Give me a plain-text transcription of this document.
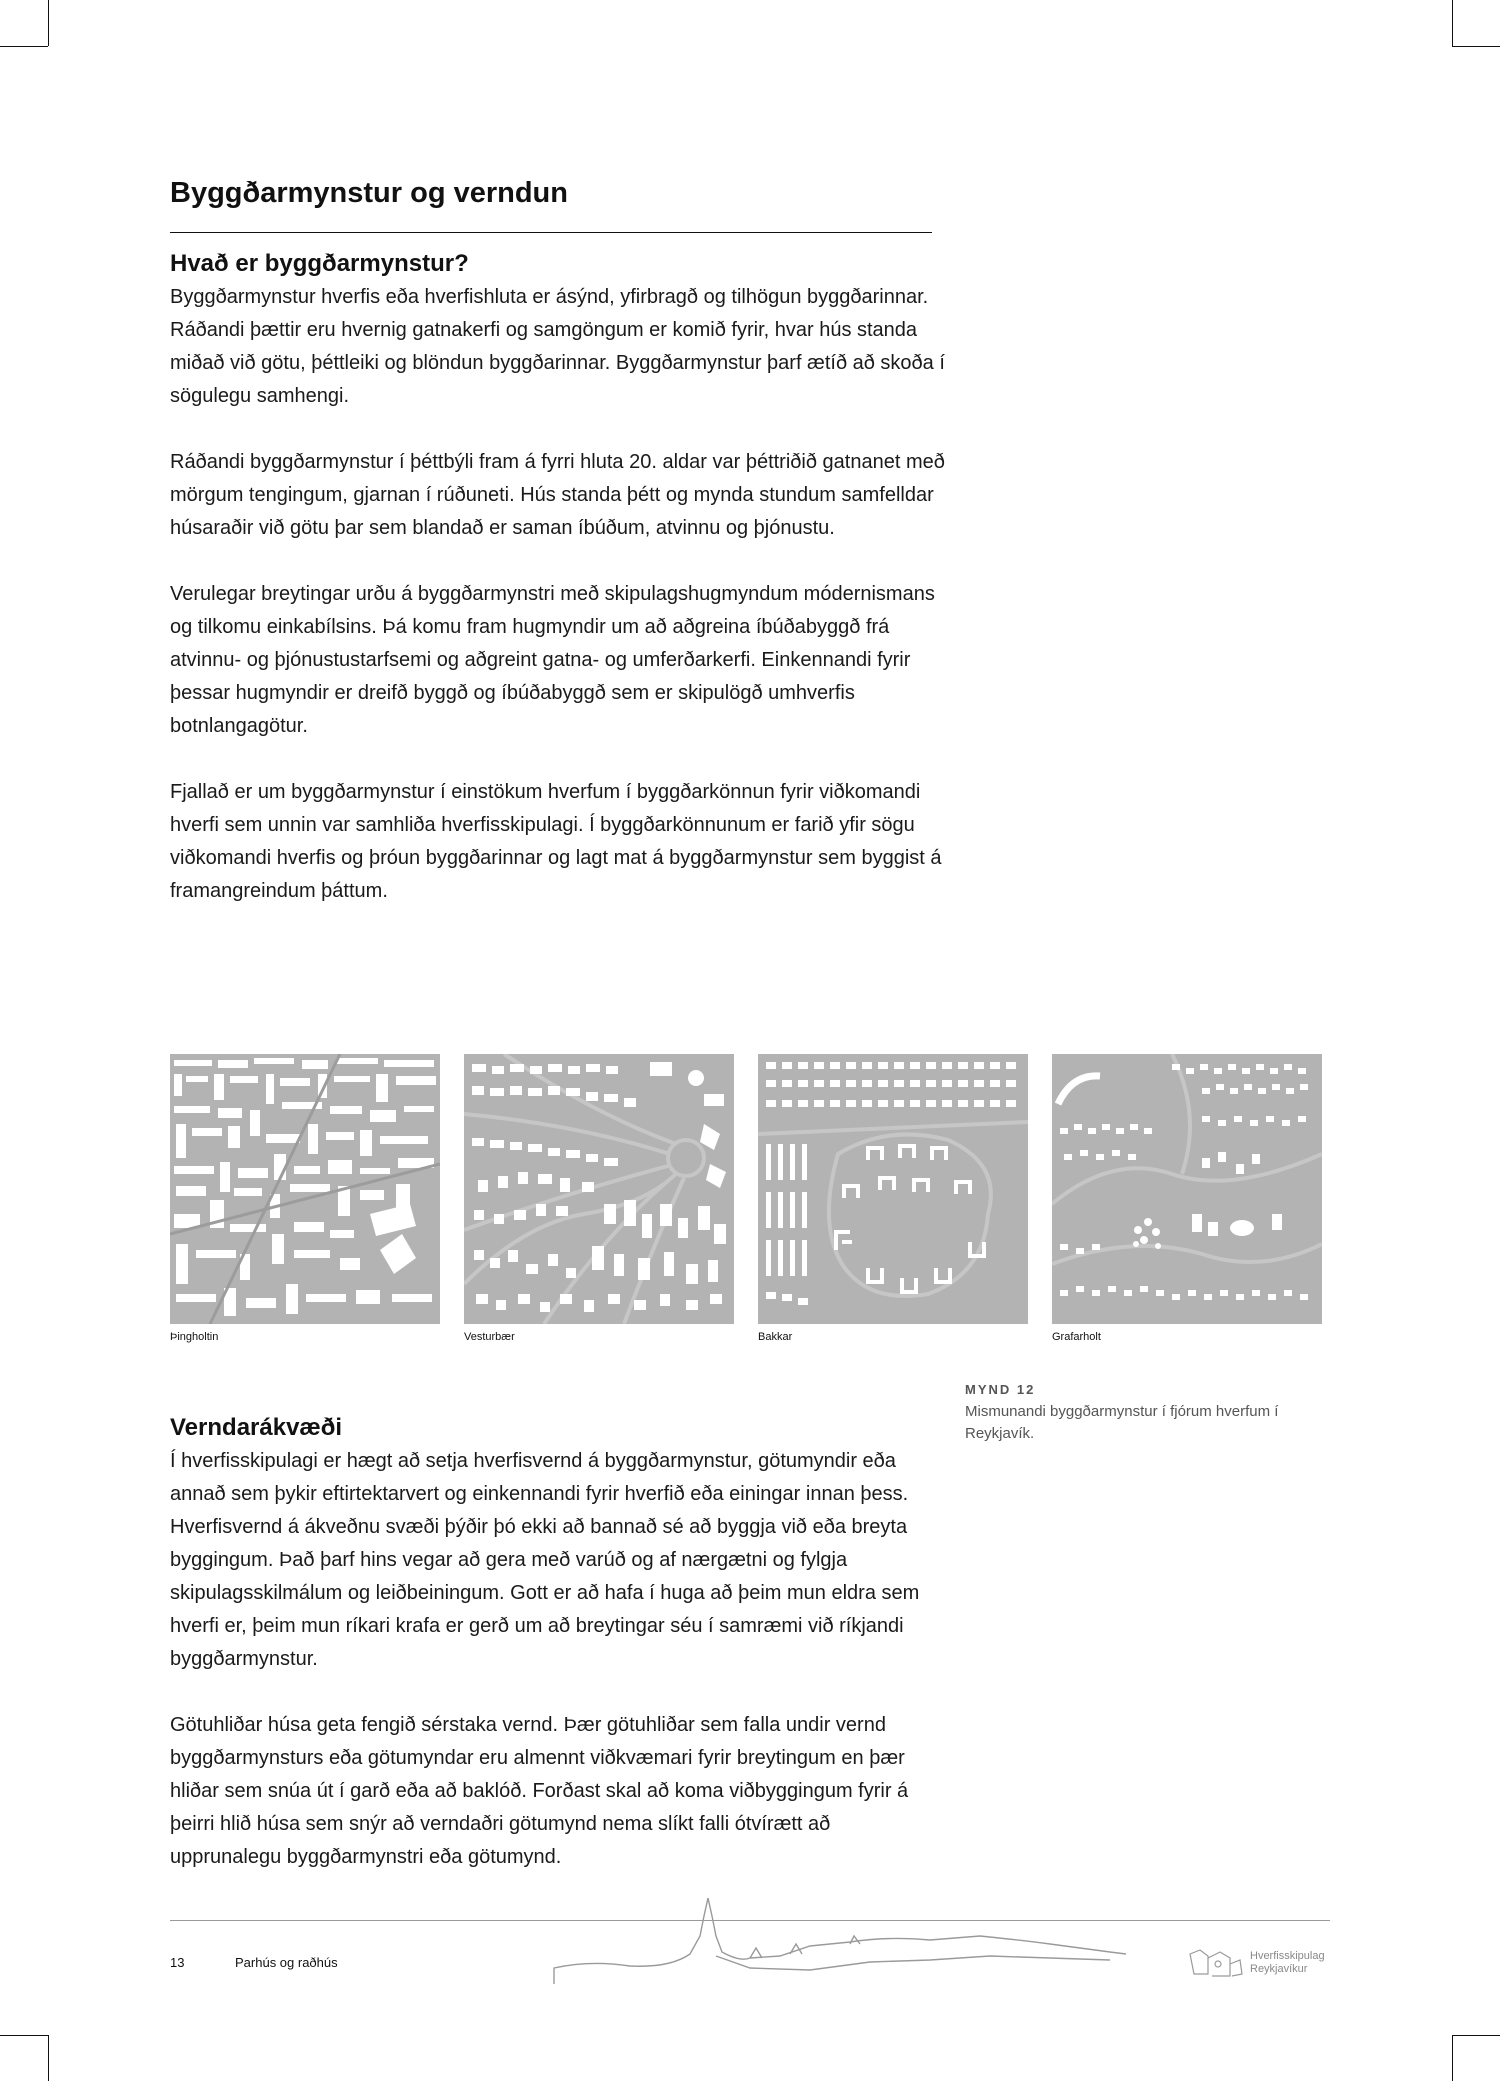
Byggðarmynstur og verndun
Hvað er byggðarmynstur?

Byggðarmynstur hverfis eða hverfishluta er ásýnd, yfirbragð og tilhögun byggðarinnar. Ráðandi þættir eru hvernig gatnakerfi og samgöngum er komið fyrir, hvar hús standa miðað við götu, þéttleiki og blöndun byggðarinnar. Byggðarmynstur þarf ætíð að skoða í sögulegu samhengi.

Ráðandi byggðarmynstur í þéttbýli fram á fyrri hluta 20. aldar var þéttriðið gatnanet með mörgum tengingum, gjarnan í rúðuneti. Hús standa þétt og mynda stundum samfelldar húsaraðir við götu þar sem blandað er saman íbúðum, atvinnu og þjónustu.

Verulegar breytingar urðu á byggðarmynstri með skipulagshugmyndum módernismans og tilkomu einkabílsins. Þá komu fram hugmyndir um að aðgreina íbúðabyggð frá atvinnu- og þjónustustarfsemi og aðgreint gatna- og umferðarkerfi. Einkennandi fyrir þessar hugmyndir er dreifð byggð og íbúðabyggð sem er skipulögð umhverfis botnlangagötur.

Fjallað er um byggðarmynstur í einstökum hverfum í byggðarkönnun fyrir viðkomandi hverfi sem unnin var samhliða hverfisskipulagi. Í byggðarkönnunum er farið yfir sögu viðkomandi hverfis og þróun byggðarinnar og lagt mat á byggðarmynstur sem byggist á framangreindum þáttum.

Þingholtin	Vesturbær	Bakkar	Grafarholt

MYND 12

Mismunandi byggðarmynstur í fjórum hverfum í Reykjavík.

Verndarákvæði

Í hverfisskipulagi er hægt að setja hverfisvernd á byggðarmynstur, götumyndir eða annað sem þykir eftirtektarvert og einkennandi fyrir hverfið eða einingar innan þess. Hverfisvernd á ákveðnu svæði þýðir þó ekki að bannað sé að byggja við eða breyta byggingum. Það þarf hins vegar að gera með varúð og af nærgætni og fylgja skipulagsskilmálum og leiðbeiningum. Gott er að hafa í huga að þeim mun eldra sem hverfi er, þeim mun ríkari krafa er gerð um að breytingar séu í samræmi við ríkjandi byggðarmynstur.

Götuhliðar húsa geta fengið sérstaka vernd. Þær götuhliðar sem falla undir vernd byggðarmynsturs eða götumyndar eru almennt viðkvæmari fyrir breytingum en þær hliðar sem snúa út í garð eða að baklóð. Forðast skal að koma viðbyggingum fyrir á þeirri hlið húsa sem snýr að verndaðri götumynd nema slíkt falli ótvírætt að upprunalegu byggðarmynstri eða götumynd.

13	Parhús og raðhús	Hverfisskipulag
Reykjavíkur
